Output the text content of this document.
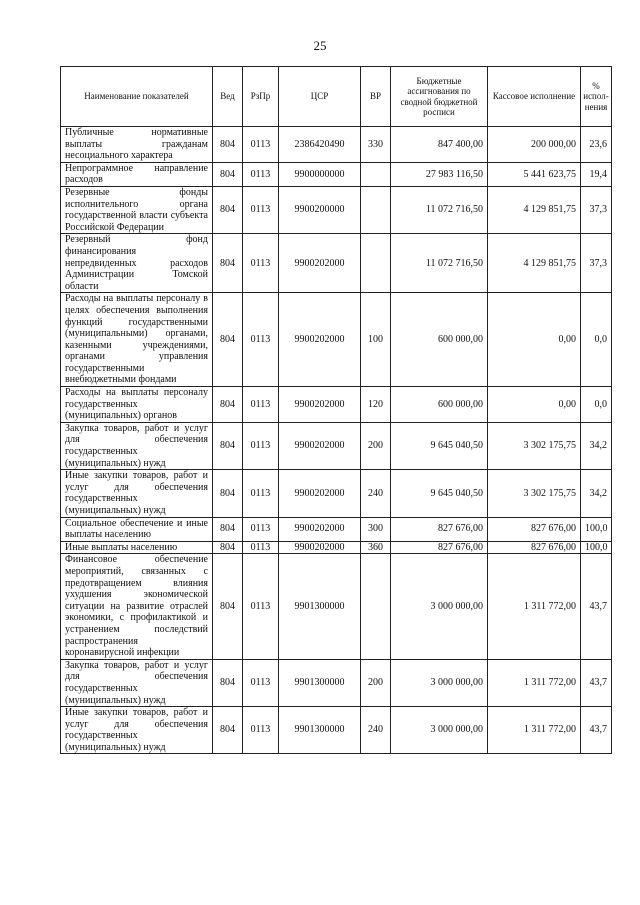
25
Наименование показателей	Вед	РзПр	ЦСР	ВР	Бюджетные ассигнования по сводной бюджетной росписи	Кассовое исполнение	% испол-нения
Публичные нормативные выплаты гражданам несоциального характера	804	0113	2386420490	330	847 400,00	200 000,00	23,6
Непрограммное направление расходов	804	0113	9900000000		27 983 116,50	5 441 623,75	19,4
Резервные фонды исполнительного органа государственной власти субъекта Российской Федерации	804	0113	9900200000		11 072 716,50	4 129 851,75	37,3
Резервный фонд финансирования непредвиденных расходов Администрации Томской области	804	0113	9900202000		11 072 716,50	4 129 851,75	37,3
Расходы на выплаты персоналу в целях обеспечения выполнения функций государственными (муниципальными) органами, казенными учреждениями, органами управления государственными внебюджетными фондами	804	0113	9900202000	100	600 000,00	0,00	0,0
Расходы на выплаты персоналу государственных (муниципальных) органов	804	0113	9900202000	120	600 000,00	0,00	0,0
Закупка товаров, работ и услуг для обеспечения государственных (муниципальных) нужд	804	0113	9900202000	200	9 645 040,50	3 302 175,75	34,2
Иные закупки товаров, работ и услуг для обеспечения государственных (муниципальных) нужд	804	0113	9900202000	240	9 645 040,50	3 302 175,75	34,2
Социальное обеспечение и иные выплаты населению	804	0113	9900202000	300	827 676,00	827 676,00	100,0
Иные выплаты населению	804	0113	9900202000	360	827 676,00	827 676,00	100,0
Финансовое обеспечение мероприятий, связанных с предотвращением влияния ухудшения экономической ситуации на развитие отраслей экономики, с профилактикой и устранением последствий распространения коронавирусной инфекции	804	0113	9901300000		3 000 000,00	1 311 772,00	43,7
Закупка товаров, работ и услуг для обеспечения государственных (муниципальных) нужд	804	0113	9901300000	200	3 000 000,00	1 311 772,00	43,7
Иные закупки товаров, работ и услуг для обеспечения государственных (муниципальных) нужд	804	0113	9901300000	240	3 000 000,00	1 311 772,00	43,7
